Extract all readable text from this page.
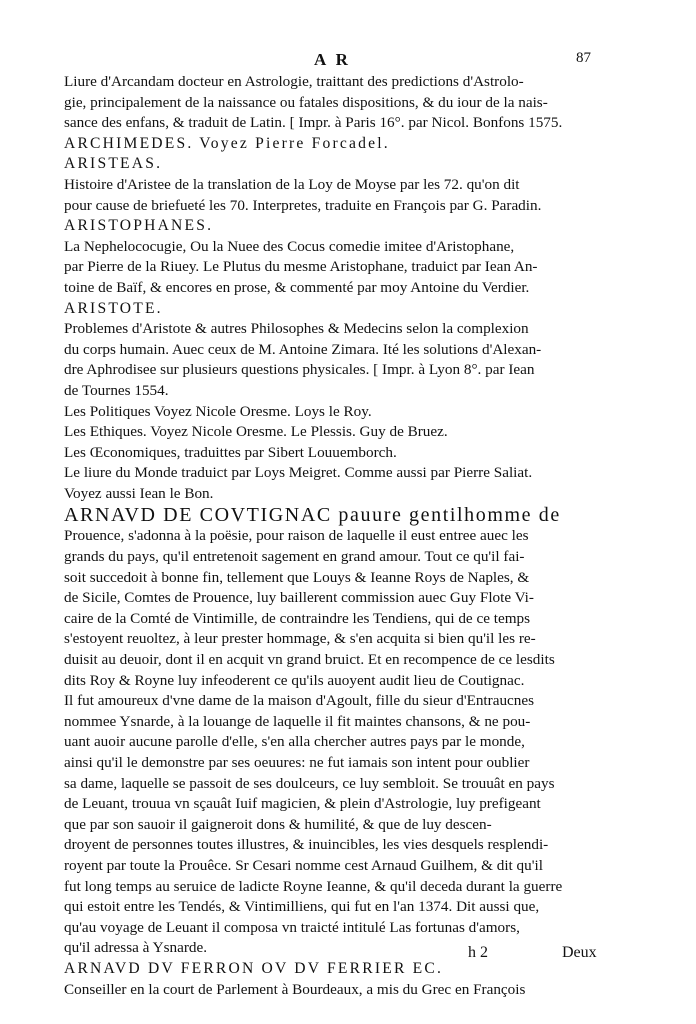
A R	87
Liure d'Arcandam docteur en Astrologie, traittant des predictions d'Astrolo-
gie, principalement de la naissance ou fatales dispositions, & du iour de la nais-
sance des enfans, & traduit de Latin. [ Impr. à Paris 16°. par Nicol. Bonfons 1575.
ARCHIMEDES. Voyez Pierre Forcadel.
ARISTEAS.
Histoire d'Aristee de la translation de la Loy de Moyse par les 72. qu'on dit
pour cause de briefueté les 70. Interpretes, traduite en François par G. Paradin.
ARISTOPHANES.
La Nephelococugie, Ou la Nuee des Cocus comedie imitee d'Aristophane,
par Pierre de la Riuey. Le Plutus du mesme Aristophane, traduict par Iean An-
toine de Baïf, & encores en prose, & commenté par moy Antoine du Verdier.
ARISTOTE.
Problemes d'Aristote & autres Philosophes & Medecins selon la complexion
du corps humain. Auec ceux de M. Antoine Zimara. Ité les solutions d'Alexan-
dre Aphrodisee sur plusieurs questions physicales. [ Impr. à Lyon 8°. par Iean
de Tournes 1554.
Les Politiques Voyez Nicole Oresme. Loys le Roy.
Les Ethiques. Voyez Nicole Oresme. Le Plessis. Guy de Bruez.
Les Œconomiques, traduittes par Sibert Louuemborch.
Le liure du Monde traduict par Loys Meigret. Comme aussi par Pierre Saliat.
Voyez aussi Iean le Bon.
ARNAVD DE COVTIGNAC pauure gentilhomme de
Prouence, s'adonna à la poësie, pour raison de laquelle il eust entree auec les
grands du pays, qu'il entretenoit sagement en grand amour. Tout ce qu'il fai-
soit succedoit à bonne fin, tellement que Louys & Ieanne Roys de Naples, &
de Sicile, Comtes de Prouence, luy baillerent commission auec Guy Flote Vi-
caire de la Comté de Vintimille, de contraindre les Tendiens, qui de ce temps
s'estoyent reuoltez, à leur prester hommage, & s'en acquita si bien qu'il les re-
duisit au deuoir, dont il en acquit vn grand bruict. Et en recompence de ce lesdits
dits Roy & Royne luy infeoderent ce qu'ils auoyent audit lieu de Coutignac.
Il fut amoureux d'vne dame de la maison d'Agoult, fille du sieur d'Entraucnes
nommee Ysnarde, à la louange de laquelle il fit maintes chansons, & ne pou-
uant auoir aucune parolle d'elle, s'en alla chercher autres pays par le monde,
ainsi qu'il le demonstre par ses oeuures: ne fut iamais son intent pour oublier
sa dame, laquelle se passoit de ses doulceurs, ce luy sembloit. Se trouuât en pays
de Leuant, trouua vn sçauât Iuif magicien, & plein d'Astrologie, luy prefigeant
que par son sauoir il gaigneroit dons & humilité, & que de luy descen-
droyent de personnes toutes illustres, & inuincibles, les vies desquels resplendi-
royent par toute la Prouêce. Sr Cesari nomme cest Arnaud Guilhem, & dit qu'il
fut long temps au seruice de ladicte Royne Ieanne, & qu'il deceda durant la guerre
qui estoit entre les Tendés, & Vintimilliens, qui fut en l'an 1374. Dit aussi que,
qu'au voyage de Leuant il composa vn traicté intitulé Las fortunas d'amors,
qu'il adressa à Ysnarde.
ARNAVD DV FERRON OV DV FERRIER EC.
Conseiller en la court de Parlement à Bourdeaux, a mis du Grec en François
h 2	Deux
